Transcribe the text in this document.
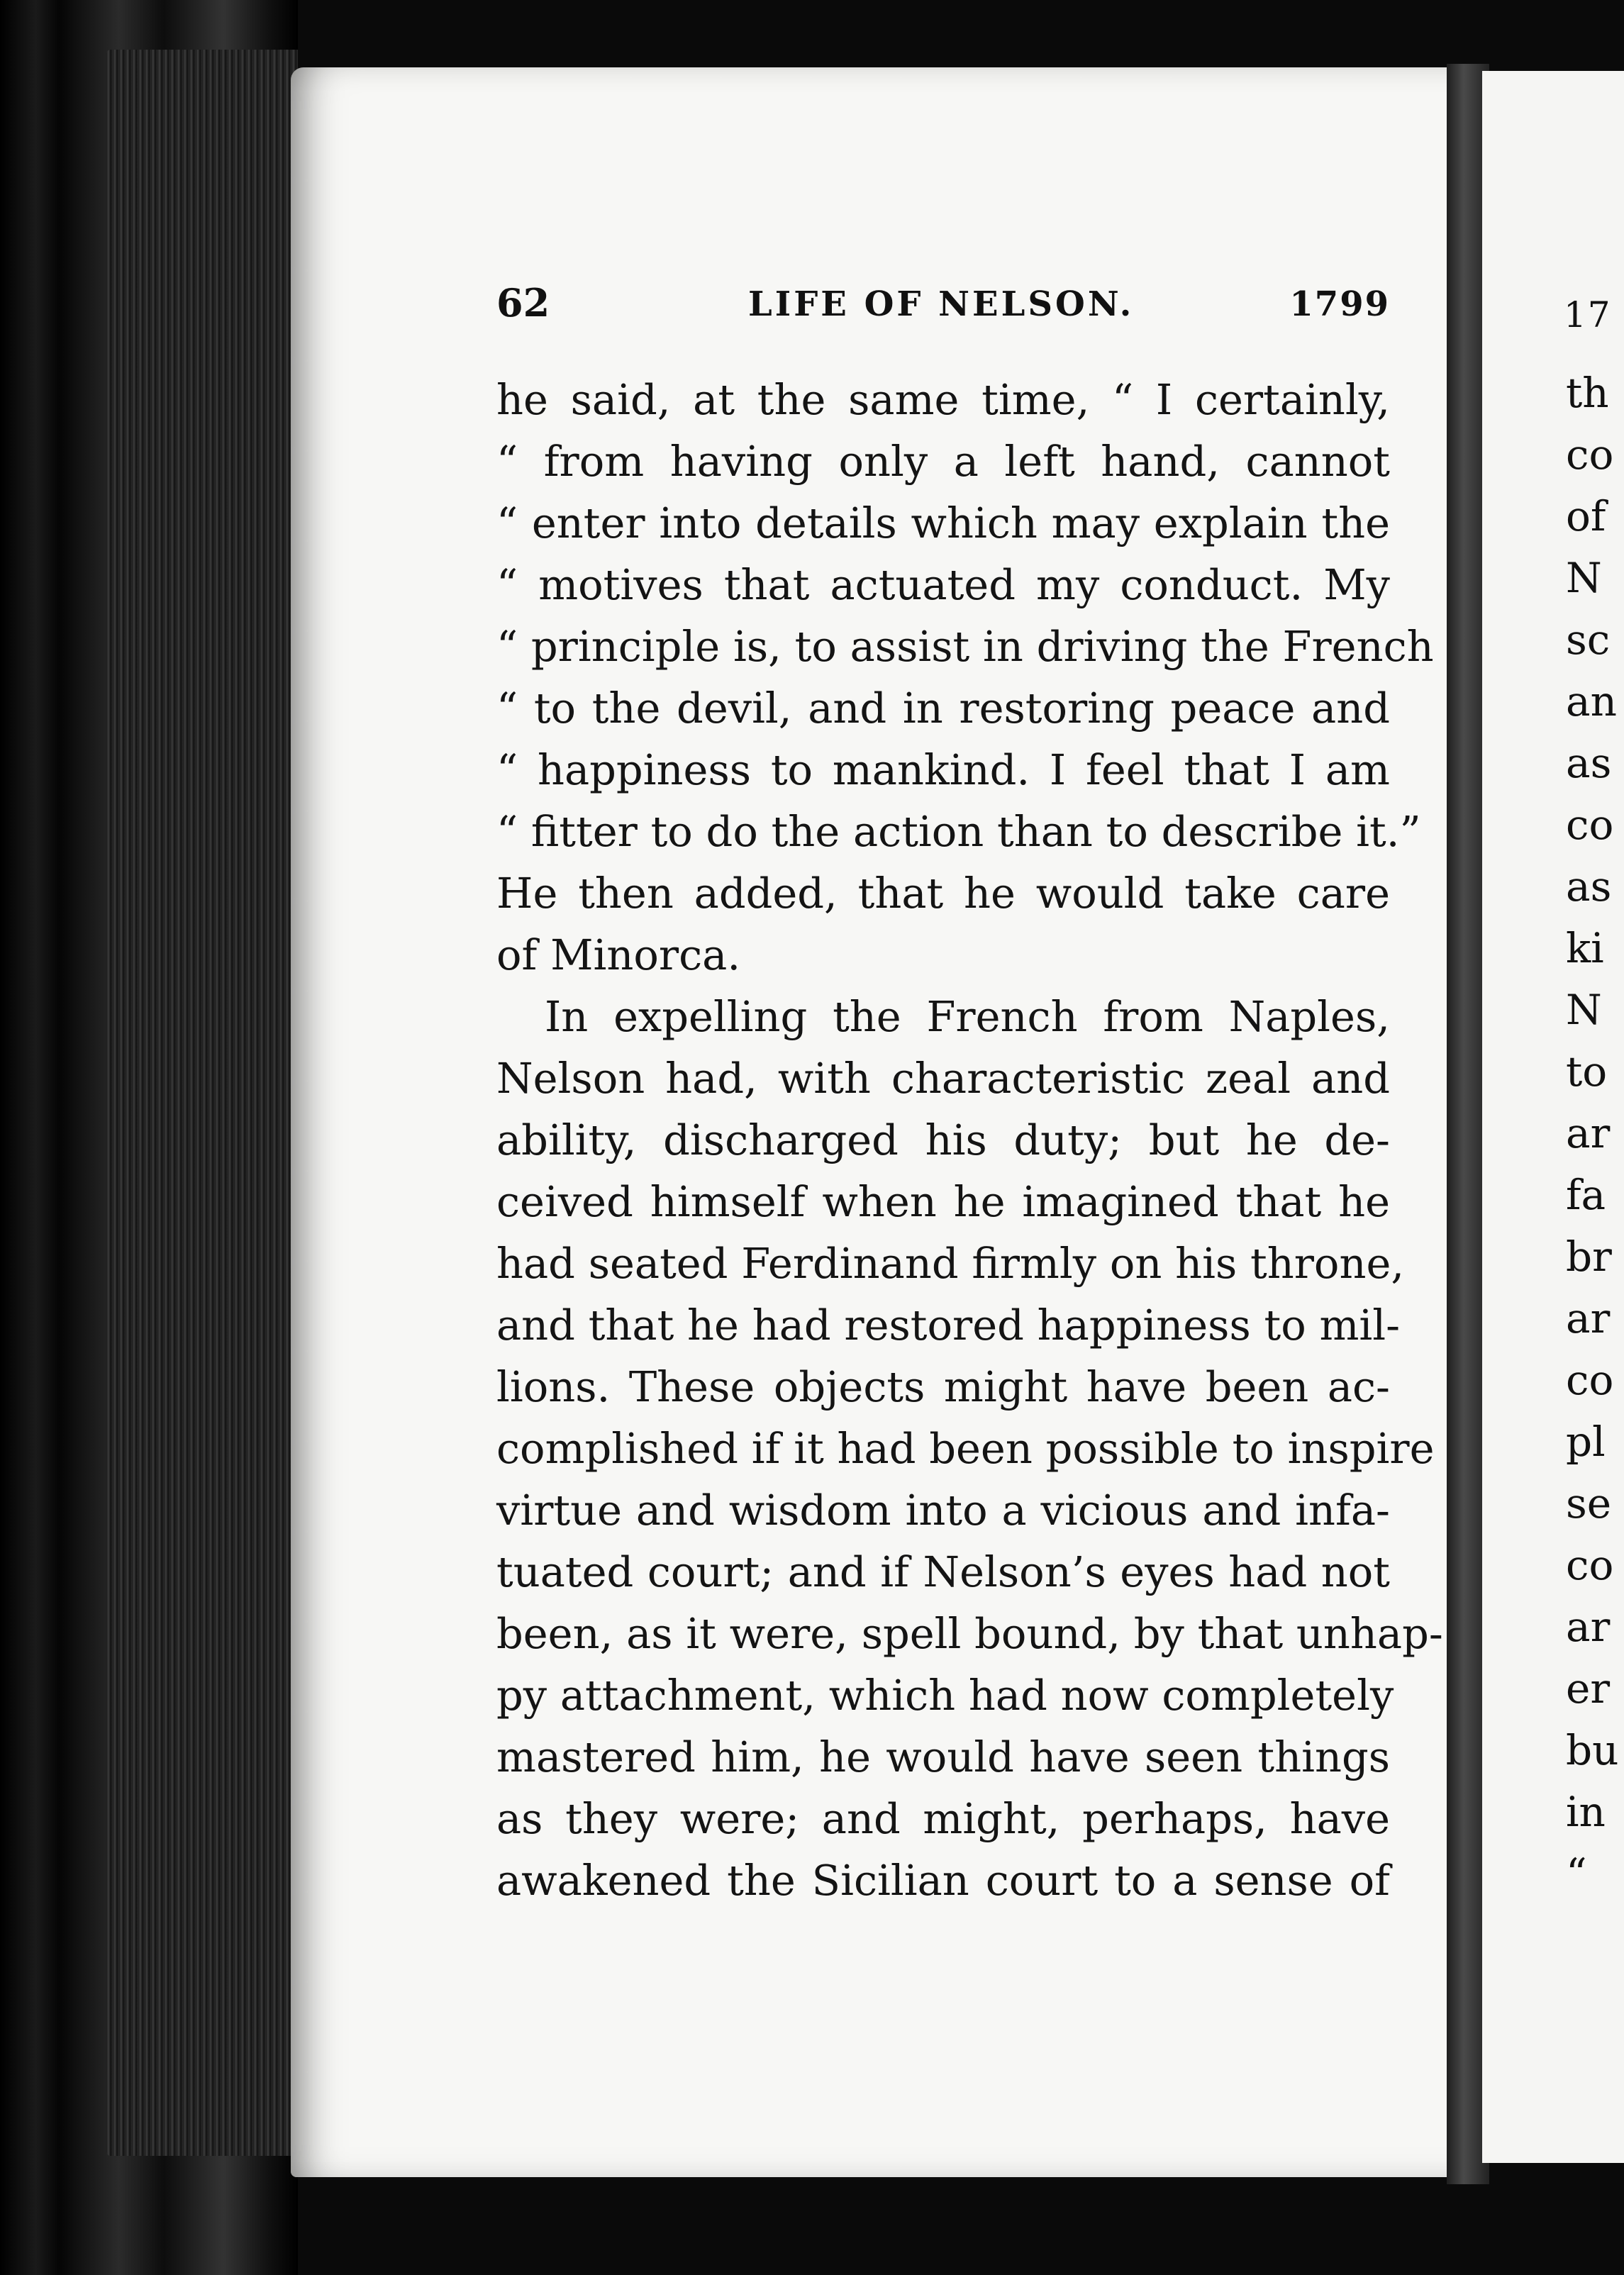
17
th
co
of
N
sc
an
as
co
as
ki
N
to
ar
fa
br
ar
co
pl
se
co
ar
er
bu
in
“
62	LIFE OF NELSON.	1799
he said, at the same time, “ I certainly,
“ from having only a left hand, cannot
“ enter into details which may explain the
“ motives that actuated my conduct. My
“ principle is, to assist in driving the French
“ to the devil, and in restoring peace and
“ happiness to mankind. I feel that I am
“ fitter to do the action than to describe it.”
He then added, that he would take care
of Minorca.
In expelling the French from Naples,
Nelson had, with characteristic zeal and
ability, discharged his duty; but he de-
ceived himself when he imagined that he
had seated Ferdinand firmly on his throne,
and that he had restored happiness to mil-
lions. These objects might have been ac-
complished if it had been possible to inspire
virtue and wisdom into a vicious and infa-
tuated court; and if Nelson’s eyes had not
been, as it were, spell bound, by that unhap-
py attachment, which had now completely
mastered him, he would have seen things
as they were; and might, perhaps, have
awakened the Sicilian court to a sense of
